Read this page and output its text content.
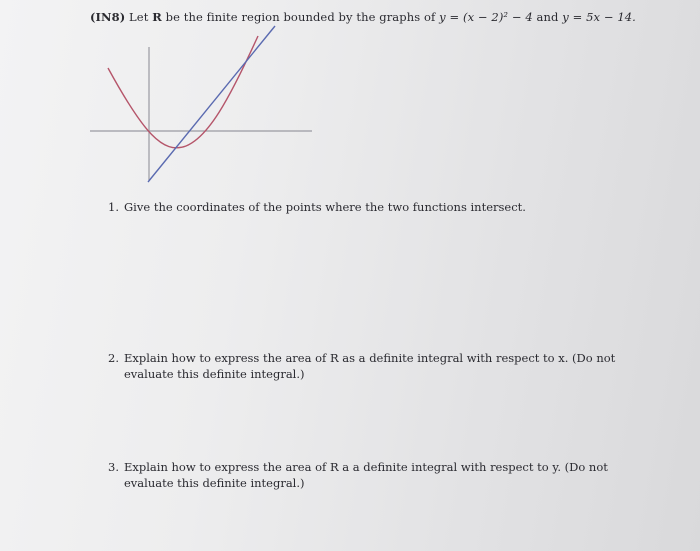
(IN8) Let R be the finite region bounded by the graphs of y = (x − 2)² − 4 and y = 5x − 14.
1. Give the coordinates of the points where the two functions intersect.
2. Explain how to express the area of R as a definite integral with respect to x. (Do not
evaluate this definite integral.)
3. Explain how to express the area of R a a definite integral with respect to y. (Do not
evaluate this definite integral.)
